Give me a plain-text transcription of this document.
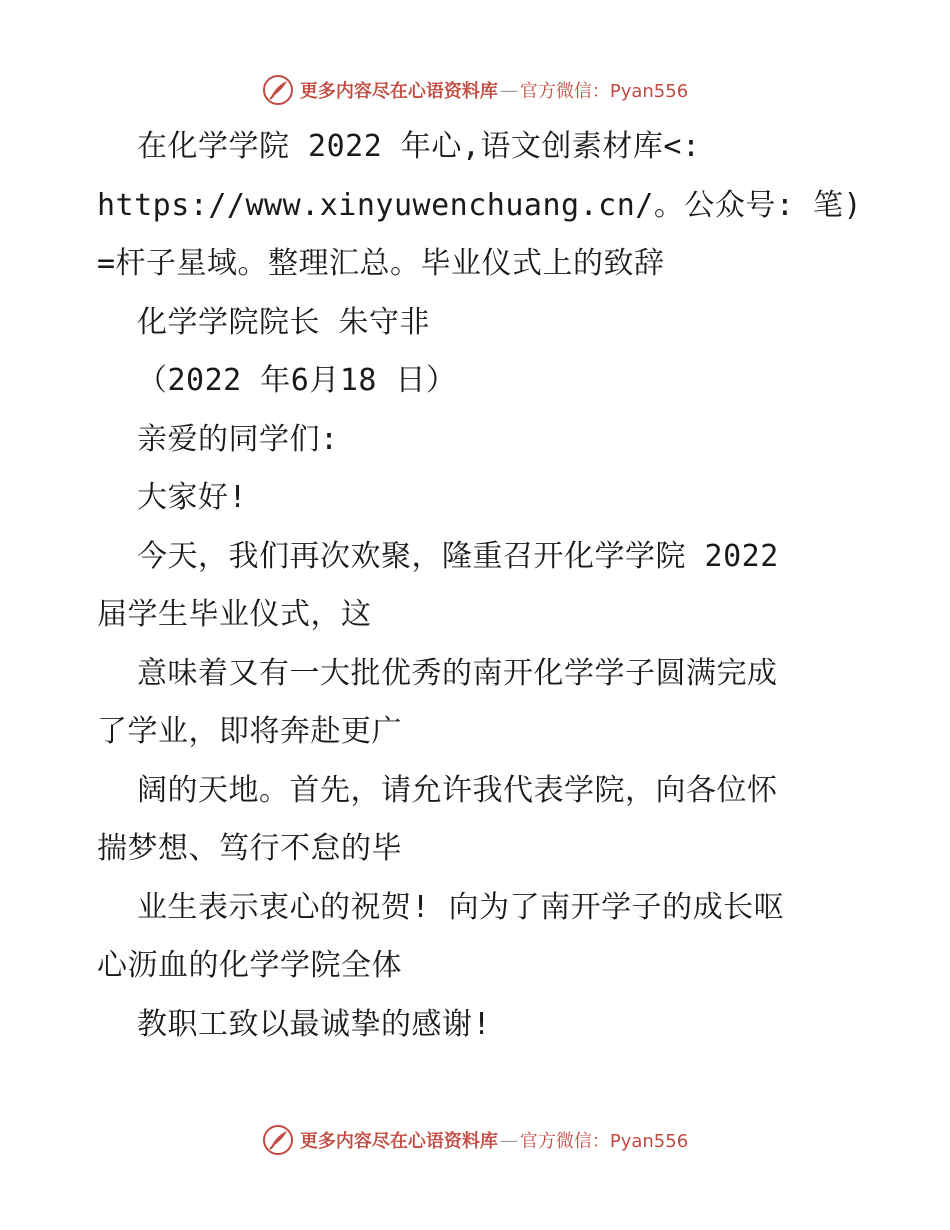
更多内容尽在心语资料库 — 官方微信：Pyan556
在化学学院 2022 年心,语文创素材库<:
https://www.xinyuwenchuang.cn/。公众号: 笔)
=杆子星域。整理汇总。毕业仪式上的致辞
化学学院院长 朱守非
（2022 年6月18 日）
亲爱的同学们:
大家好!
今天，我们再次欢聚，隆重召开化学学院 2022
届学生毕业仪式，这
意味着又有一大批优秀的南开化学学子圆满完成
了学业，即将奔赴更广
阔的天地。首先，请允许我代表学院，向各位怀
揣梦想、笃行不怠的毕
业生表示衷心的祝贺! 向为了南开学子的成长呕
心沥血的化学学院全体
教职工致以最诚挚的感谢!
更多内容尽在心语资料库 — 官方微信：Pyan556
